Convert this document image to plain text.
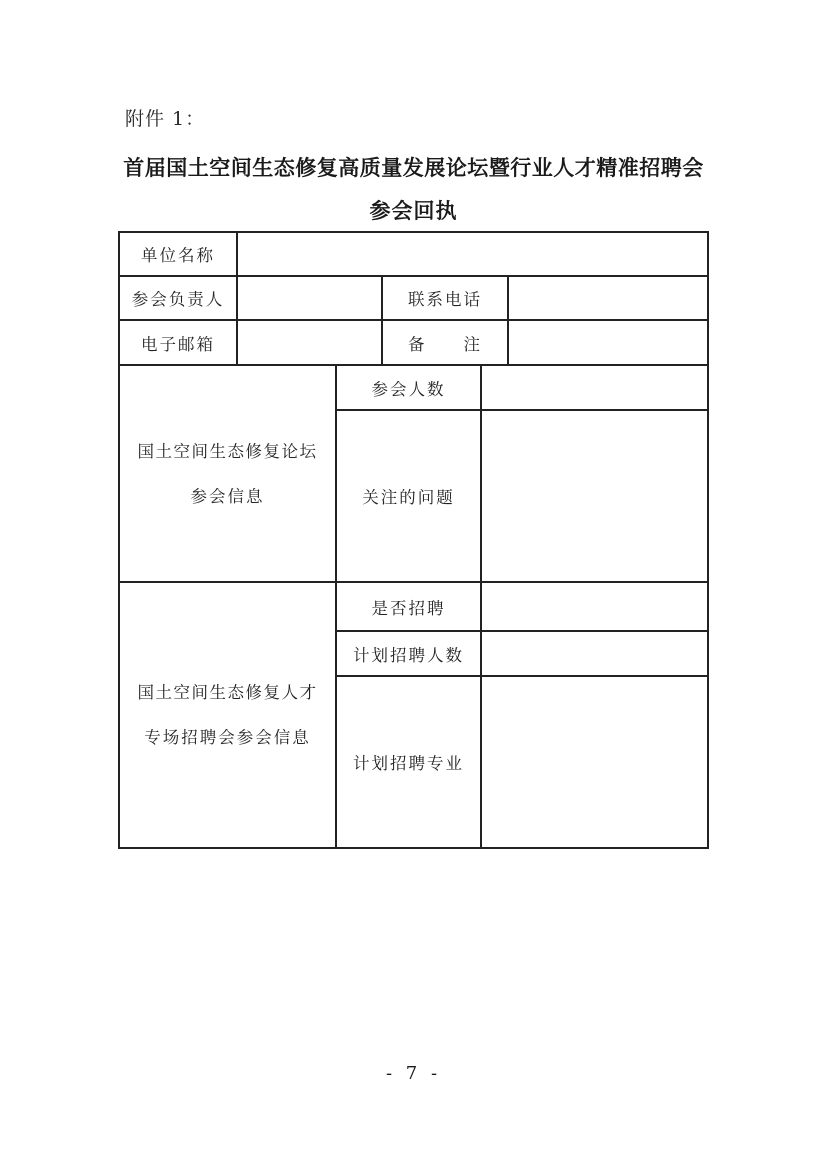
附件 1：
首届国土空间生态修复高质量发展论坛暨行业人才精准招聘会
参会回执
单位名称
参会负责人	联系电话
电子邮箱	备　　注
国土空间生态修复论坛
参会信息
参会人数
关注的问题
国土空间生态修复人才
专场招聘会参会信息
是否招聘
计划招聘人数
计划招聘专业
- 7 -
